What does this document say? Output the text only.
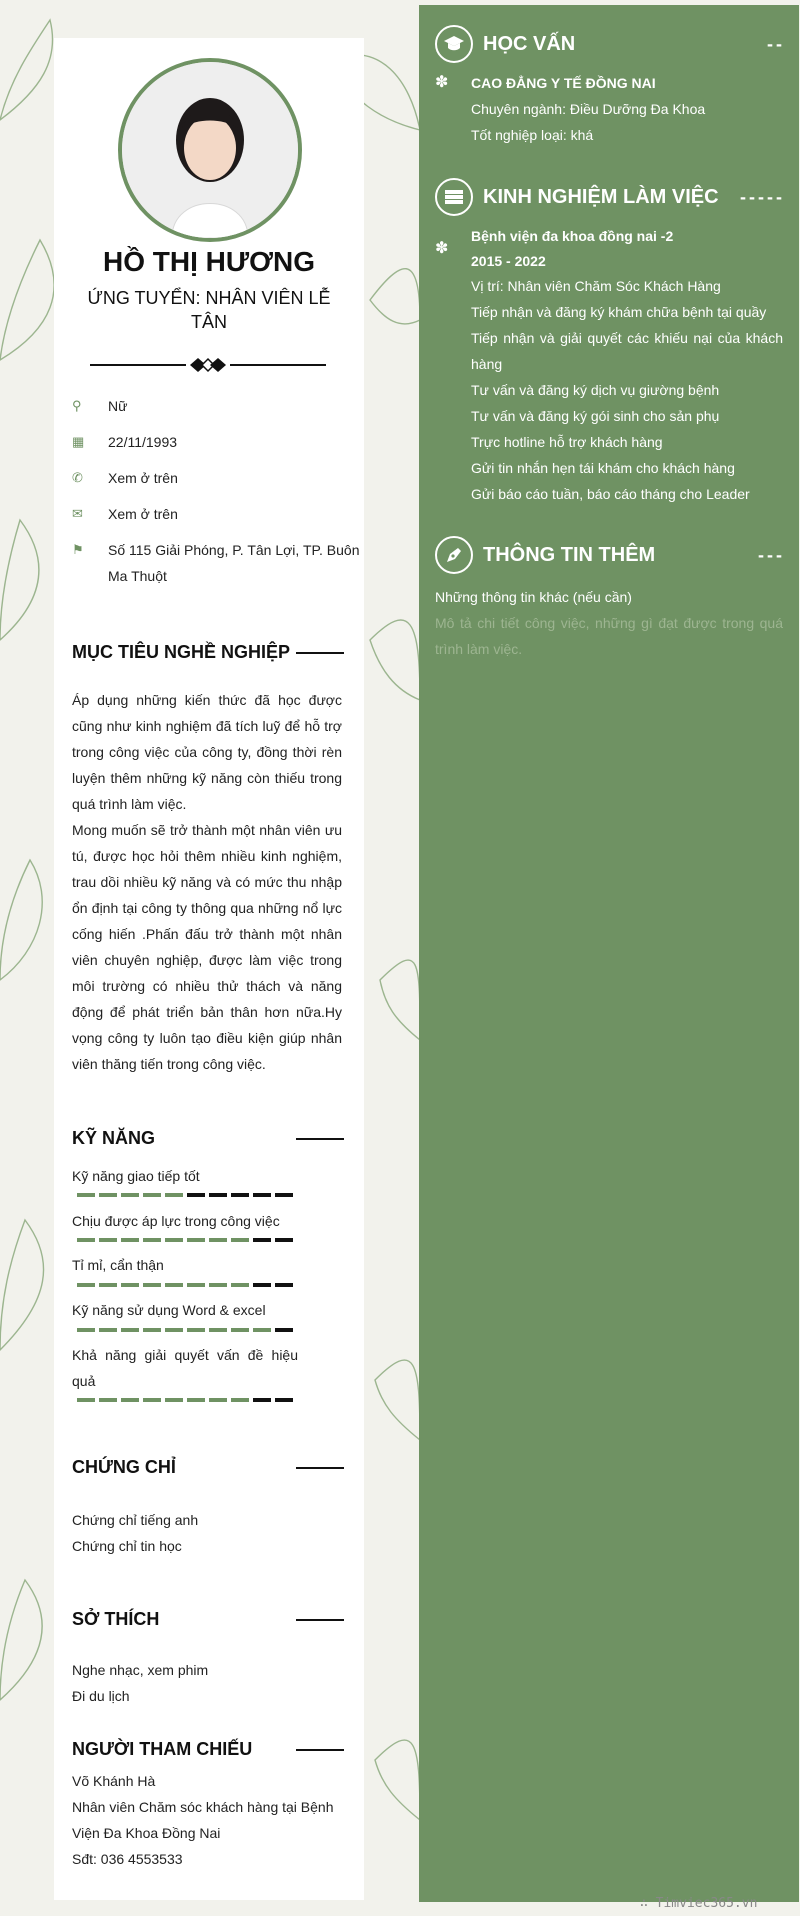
HỒ THỊ HƯƠNG
ỨNG TUYỂN: NHÂN VIÊN LỄ TÂN
⚲	Nữ
▦	22/11/1993
✆	Xem ở trên
✉	Xem ở trên
⚑	Số 115 Giải Phóng, P. Tân Lợi, TP. Buôn Ma Thuột
MỤC TIÊU NGHỀ NGHIỆP

Áp dụng những kiến thức đã học được cũng như kinh nghiệm đã tích luỹ để hỗ trợ trong công việc của công ty, đồng thời rèn luyện thêm những kỹ năng còn thiếu trong quá trình làm việc.

Mong muốn sẽ trở thành một nhân viên ưu tú, được học hỏi thêm nhiều kinh nghiệm, trau dồi nhiều kỹ năng và có mức thu nhập ổn định tại công ty thông qua những nổ lực cống hiến .Phấn đấu trở thành một nhân viên chuyên nghiệp, được làm việc trong môi trường có nhiều thử thách và năng động để phát triển bản thân hơn nữa.Hy vọng công ty luôn tạo điều kiện giúp nhân viên thăng tiến trong công việc.

KỸ NĂNG
Kỹ năng giao tiếp tốt
Chịu được áp lực trong công việc
Tỉ mỉ, cẩn thận
Kỹ năng sử dụng Word & excel
Khả năng giải quyết vấn đề hiệu quả
CHỨNG CHỈ
Chứng chỉ tiếng anh
Chứng chỉ tin học
SỞ THÍCH
Nghe nhạc, xem phim
Đi du lịch
NGƯỜI THAM CHIẾU
Võ Khánh Hà
Nhân viên Chăm sóc khách hàng tại Bệnh Viện Đa Khoa Đồng Nai
Sđt: 036 4553533
HỌC VẤN	--
✽ CAO ĐẲNG Y TẾ ĐỒNG NAI
Chuyên ngành: Điều Dưỡng Đa Khoa
Tốt nghiệp loại: khá
KINH NGHIỆM LÀM VIỆC -----
✽
Bệnh viện đa khoa đồng nai -2
2015 - 2022
Vị trí: Nhân viên Chăm Sóc Khách Hàng
Tiếp nhận và đăng ký khám chữa bệnh tại quầy
Tiếp nhận và giải quyết các khiếu nại của khách hàng
Tư vấn và đăng ký dịch vụ giường bệnh
Tư vấn và đăng ký gói sinh cho sản phụ
Trực hotline hỗ trợ khách hàng
Gửi tin nhắn hẹn tái khám cho khách hàng
Gửi báo cáo tuần, báo cáo tháng cho Leader
THÔNG TIN THÊM	---
Những thông tin khác (nếu cần)
Mô tả chi tiết công việc, những gì đạt được trong quá trình làm việc.
∴ Timviec365.vn
